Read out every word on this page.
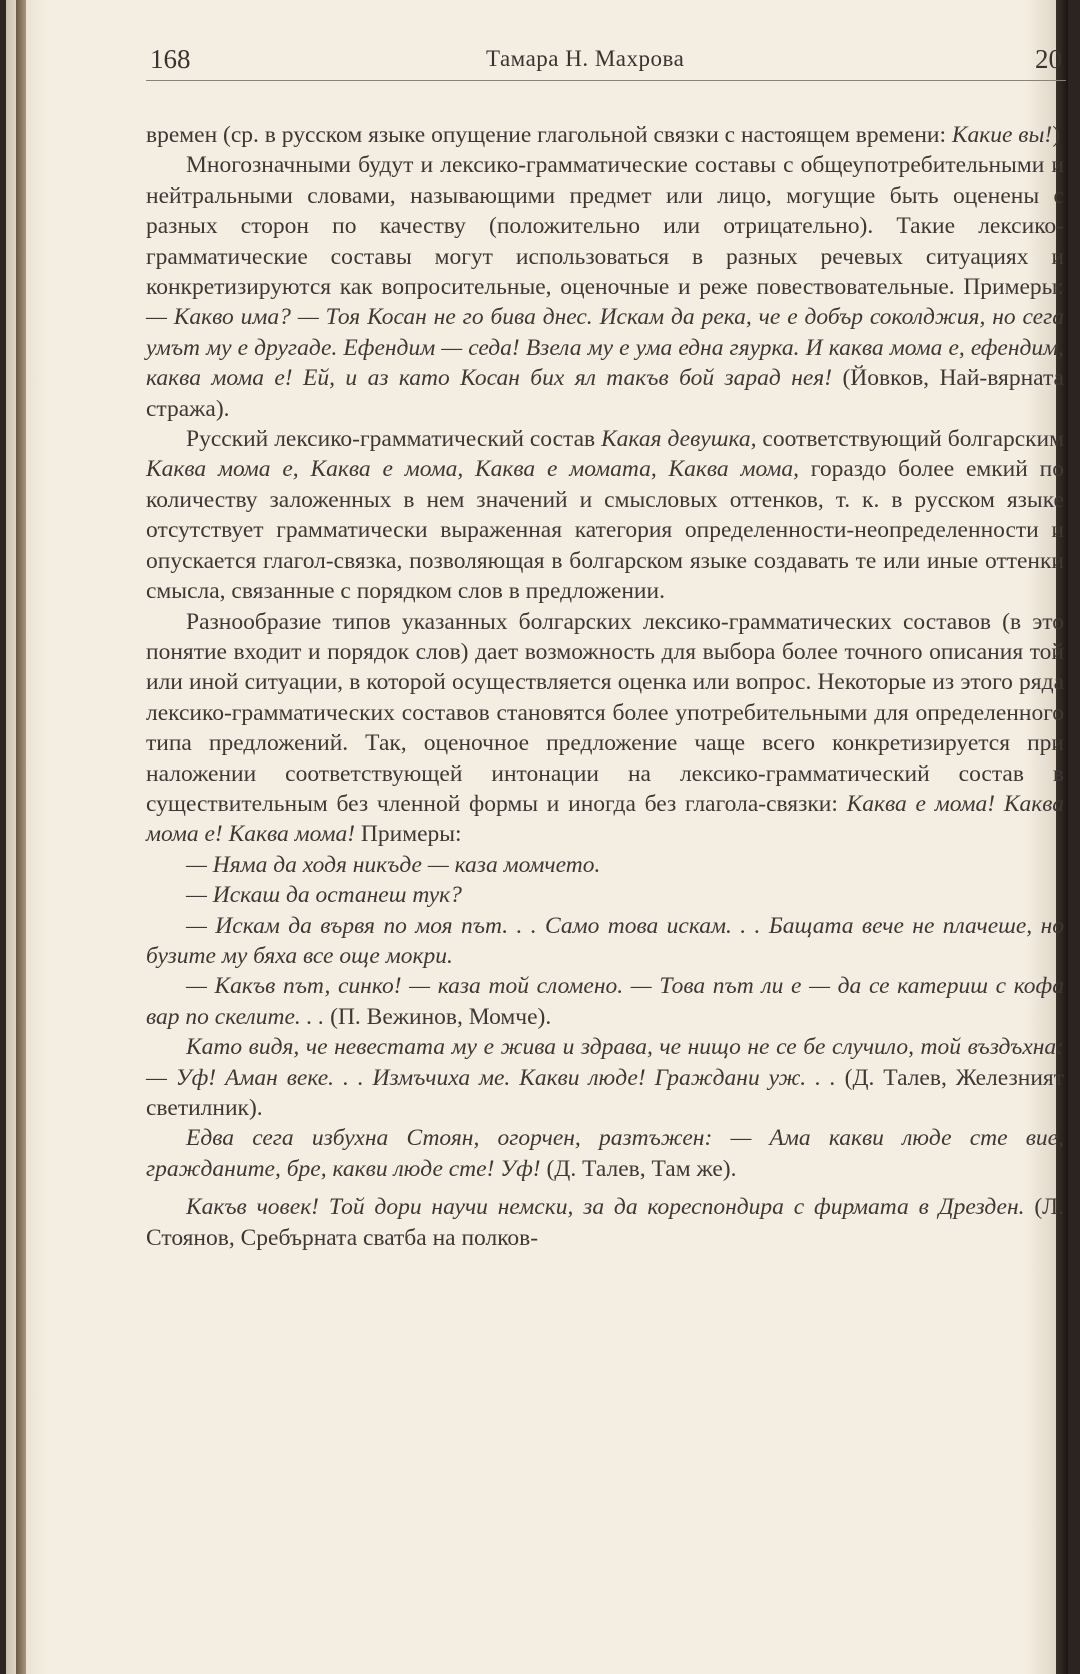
168	Тамара Н. Махрова	20

времен (ср. в русском языке опущение глагольной связки с настоящем времени: Какие вы!)

Многозначными будут и лексико-грамматические составы с общеупотребительными и нейтральными словами, называющими предмет или лицо, могущие быть оценены с разных сторон по качеству (положительно или отрицательно). Такие лексико-грамматические составы могут использоваться в разных речевых ситуациях и конкретизируются как вопросительные, оценочные и реже повествовательные. Примеры: — Какво има? — Тоя Косан не го бива днес. Искам да река, че е добър соколджия, но сега умът му е другаде. Ефендим — седа! Взела му е ума една гяурка. И каква мома е, ефендим, каква мома е! Ей, и аз като Косан бих ял такъв бой зарад нея! (Йовков, Най-вярната стража).

Русский лексико-грамматический состав Какая девушка, соответствующий болгарским Каква мома е, Каква е мома, Каква е момата, Каква мома, гораздо более емкий по количеству заложенных в нем значений и смысловых оттенков, т. к. в русском языке отсутствует грамматически выраженная категория определенности-неопределенности и опускается глагол-связка, позволяющая в болгарском языке создавать те или иные оттенки смысла, связанные с порядком слов в предложении.

Разнообразие типов указанных болгарских лексико-грамматических составов (в это понятие входит и порядок слов) дает возможность для выбора более точного описания той или иной ситуации, в которой осуществляется оценка или вопрос. Некоторые из этого ряда лексико-грамматических составов становятся более употребительными для определенного типа предложений. Так, оценочное предложение чаще всего конкретизируется при наложении соответствующей интонации на лексико-грамматический состав в существительным без членной формы и иногда без глагола-связки: Каква е мома! Каква мома е! Каква мома! Примеры:

— Няма да ходя никъде — каза момчето.

— Искаш да останеш тук?

— Искам да вървя по моя път. . . Само това искам. . . Бащата вече не плачеше, но бузите му бяха все още мокри.

— Какъв път, синко! — каза той сломено. — Това път ли е — да се катериш с кофа вар по скелите. . . (П. Вежинов, Момче).

Като видя, че невестата му е жива и здрава, че нищо не се бе случило, той въздъхна: — Уф! Аман веке. . . Измъчиха ме. Какви люде! Граждани уж. . . (Д. Талев, Железният светилник).

Едва сега избухна Стоян, огорчен, разтъжен: — Ама какви люде сте вие, гражданите, бре, какви люде сте! Уф! (Д. Талев, Там же).

Какъв човек! Той дори научи немски, за да кореспондира с фирмата в Дрезден. (Л. Стоянов, Сребърната сватба на полков-
